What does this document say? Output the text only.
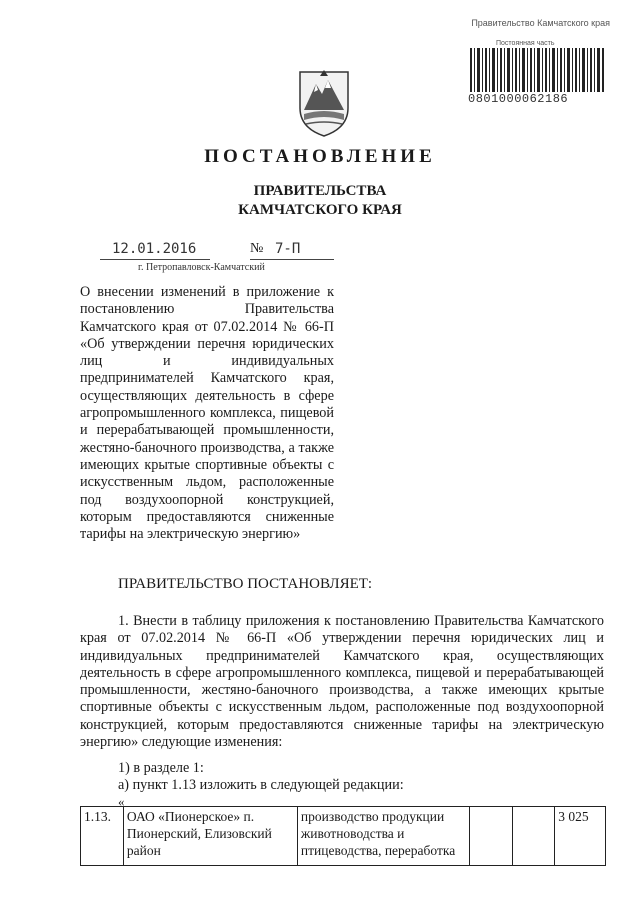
Правительство Камчатского края
Постоянная часть
0801000062186
ПОСТАНОВЛЕНИЕ
ПРАВИТЕЛЬСТВА
КАМЧАТСКОГО КРАЯ
12.01.2016	№ 7-П
г. Петропавловск-Камчатский
О внесении изменений в приложение к постановлению Правительства Камчатского края от 07.02.2014 № 66-П «Об утверждении перечня юридических лиц и индивидуальных предпринимателей Камчатского края, осуществляющих деятельность в сфере агропромышленного комплекса, пищевой и перерабатывающей промышленности, жестяно-баночного производства, а также имеющих крытые спортивные объекты с искусственным льдом, расположенные под воздухоопорной конструкцией, которым предоставляются сниженные тарифы на электрическую энергию»
ПРАВИТЕЛЬСТВО ПОСТАНОВЛЯЕТ:
1. Внести в таблицу приложения к постановлению Правительства Камчатского края от 07.02.2014 № 66-П «Об утверждении перечня юридических лиц и индивидуальных предпринимателей Камчатского края, осуществляющих деятельность в сфере агропромышленного комплекса, пищевой и перерабатывающей промышленности, жестяно-баночного производства, а также имеющих крытые спортивные объекты с искусственным льдом, расположенные под воздухоопорной конструкцией, которым предоставляются сниженные тарифы на электрическую энергию» следующие изменения:
1) в разделе 1:
а) пункт 1.13 изложить в следующей редакции:
«
1.13.	ОАО «Пионерское» п. Пионерский, Елизовский район	производство продукции животноводства и птицеводства, переработка			3 025
